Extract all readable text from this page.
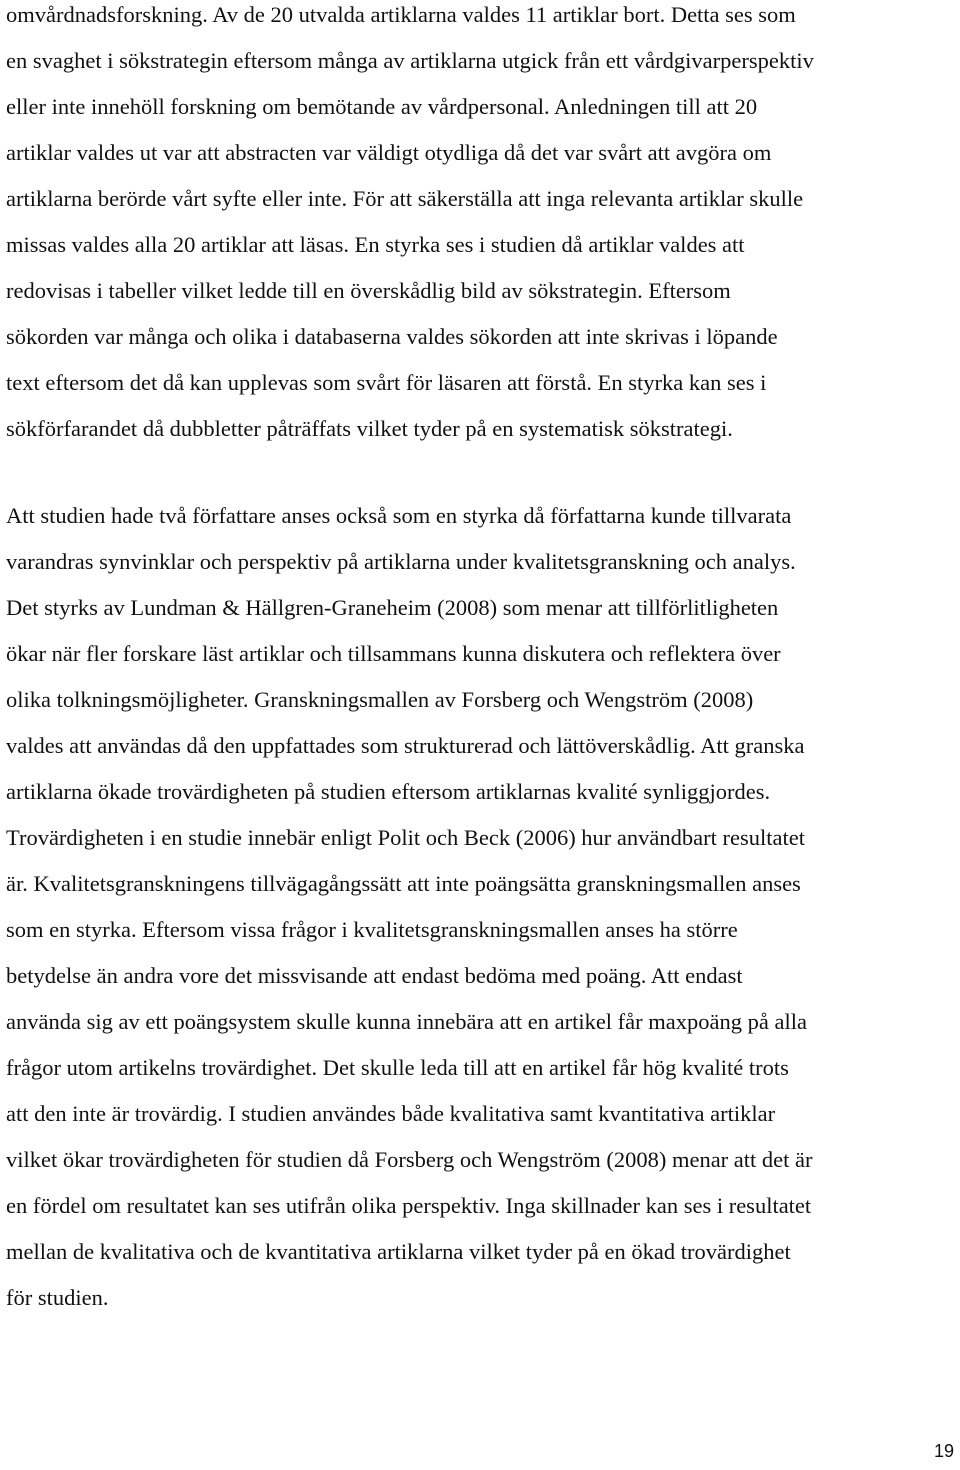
omvårdnadsforskning. Av de 20 utvalda artiklarna valdes 11 artiklar bort. Detta ses som
en svaghet i sökstrategin eftersom många av artiklarna utgick från ett vårdgivarperspektiv
eller inte innehöll forskning om bemötande av vårdpersonal. Anledningen till att 20
artiklar valdes ut var att abstracten var väldigt otydliga då det var svårt att avgöra om
artiklarna berörde vårt syfte eller inte. För att säkerställa att inga relevanta artiklar skulle
missas valdes alla 20 artiklar att läsas. En styrka ses i studien då artiklar valdes att
redovisas i tabeller vilket ledde till en överskådlig bild av sökstrategin. Eftersom
sökorden var många och olika i databaserna valdes sökorden att inte skrivas i löpande
text eftersom det då kan upplevas som svårt för läsaren att förstå. En styrka kan ses i
sökförfarandet då dubbletter påträffats vilket tyder på en systematisk sökstrategi.
Att studien hade två författare anses också som en styrka då författarna kunde tillvarata
varandras synvinklar och perspektiv på artiklarna under kvalitetsgranskning och analys.
Det styrks av Lundman & Hällgren-Graneheim (2008) som menar att tillförlitligheten
ökar när fler forskare läst artiklar och tillsammans kunna diskutera och reflektera över
olika tolkningsmöjligheter. Granskningsmallen av Forsberg och Wengström (2008)
valdes att användas då den uppfattades som strukturerad och lättöverskådlig. Att granska
artiklarna ökade trovärdigheten på studien eftersom artiklarnas kvalité synliggjordes.
Trovärdigheten i en studie innebär enligt Polit och Beck (2006) hur användbart resultatet
är. Kvalitetsgranskningens tillvägagångssätt att inte poängsätta granskningsmallen anses
som en styrka. Eftersom vissa frågor i kvalitetsgranskningsmallen anses ha större
betydelse än andra vore det missvisande att endast bedöma med poäng. Att endast
använda sig av ett poängsystem skulle kunna innebära att en artikel får maxpoäng på alla
frågor utom artikelns trovärdighet. Det skulle leda till att en artikel får hög kvalité trots
att den inte är trovärdig. I studien användes både kvalitativa samt kvantitativa artiklar
vilket ökar trovärdigheten för studien då Forsberg och Wengström (2008) menar att det är
en fördel om resultatet kan ses utifrån olika perspektiv. Inga skillnader kan ses i resultatet
mellan de kvalitativa och de kvantitativa artiklarna vilket tyder på en ökad trovärdighet
för studien.
19
